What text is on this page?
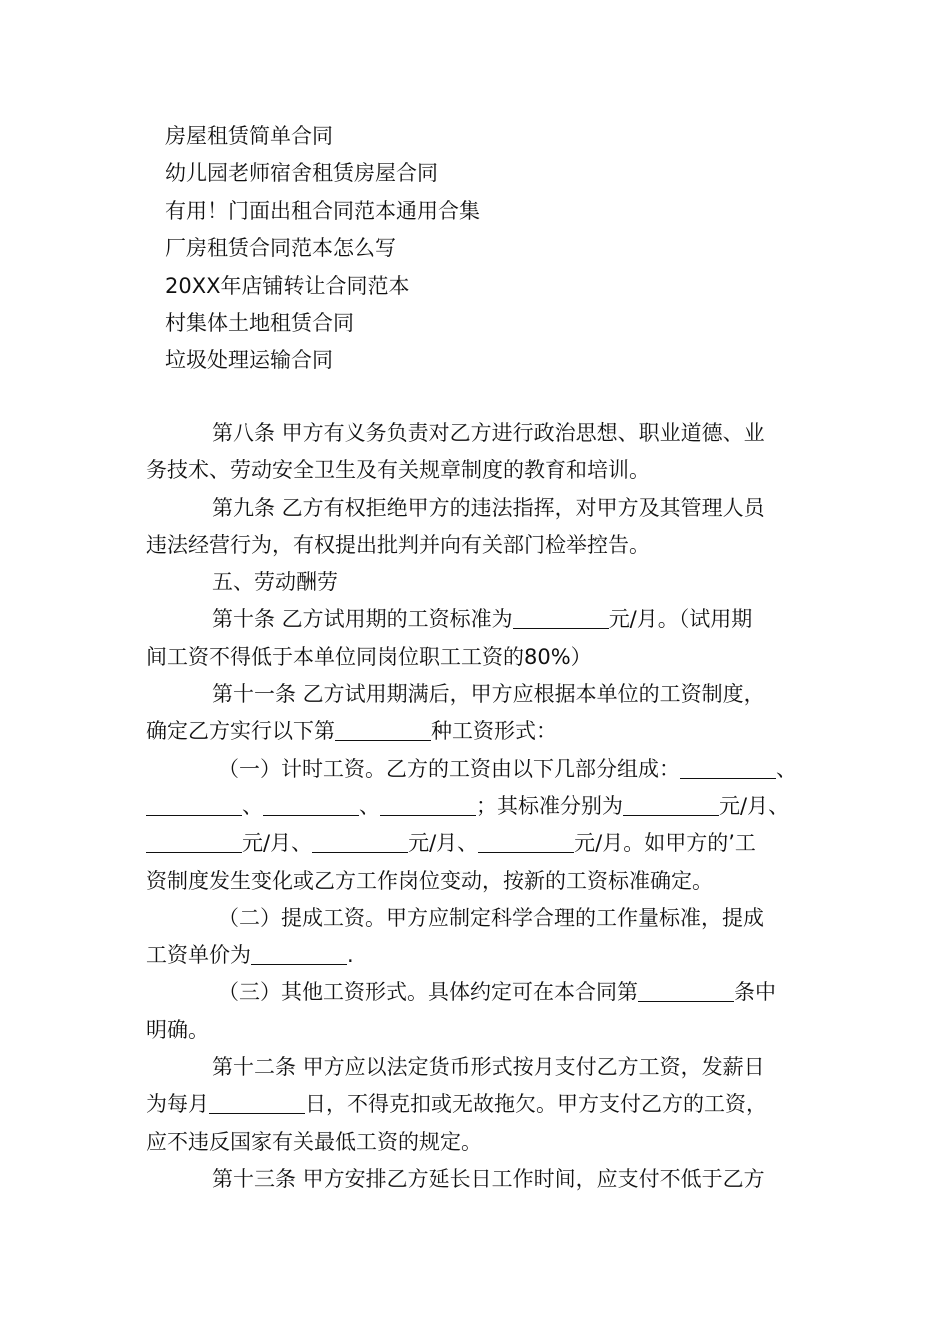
房屋租赁简单合同
幼儿园老师宿舍租赁房屋合同
有用！门面出租合同范本通用合集
厂房租赁合同范本怎么写
20XX年店铺转让合同范本
村集体土地租赁合同
垃圾处理运输合同

第八条 甲方有义务负责对乙方进行政治思想、职业道德、业
务技术、劳动安全卫生及有关规章制度的教育和培训。

第九条 乙方有权拒绝甲方的违法指挥，对甲方及其管理人员
违法经营行为，有权提出批判并向有关部门检举控告。

五、劳动酬劳

第十条 乙方试用期的工资标准为	元/月。（试用期
间工资不得低于本单位同岗位职工工资的80%）

第十一条 乙方试用期满后，甲方应根据本单位的工资制度，
确定乙方实行以下第	种工资形式：

（一）计时工资。乙方的工资由以下几部分组成：	、
、	、	；其标准分别为	元/月、
元/月、	元/月、	元/月。如甲方的’工
资制度发生变化或乙方工作岗位变动，按新的工资标准确定。

（二）提成工资。甲方应制定科学合理的工作量标准，提成
工资单价为	.

（三）其他工资形式。具体约定可在本合同第	条中
明确。

第十二条 甲方应以法定货币形式按月支付乙方工资，发薪日
为每月	日，不得克扣或无故拖欠。甲方支付乙方的工资，
应不违反国家有关最低工资的规定。

第十三条 甲方安排乙方延长日工作时间，应支付不低于乙方
